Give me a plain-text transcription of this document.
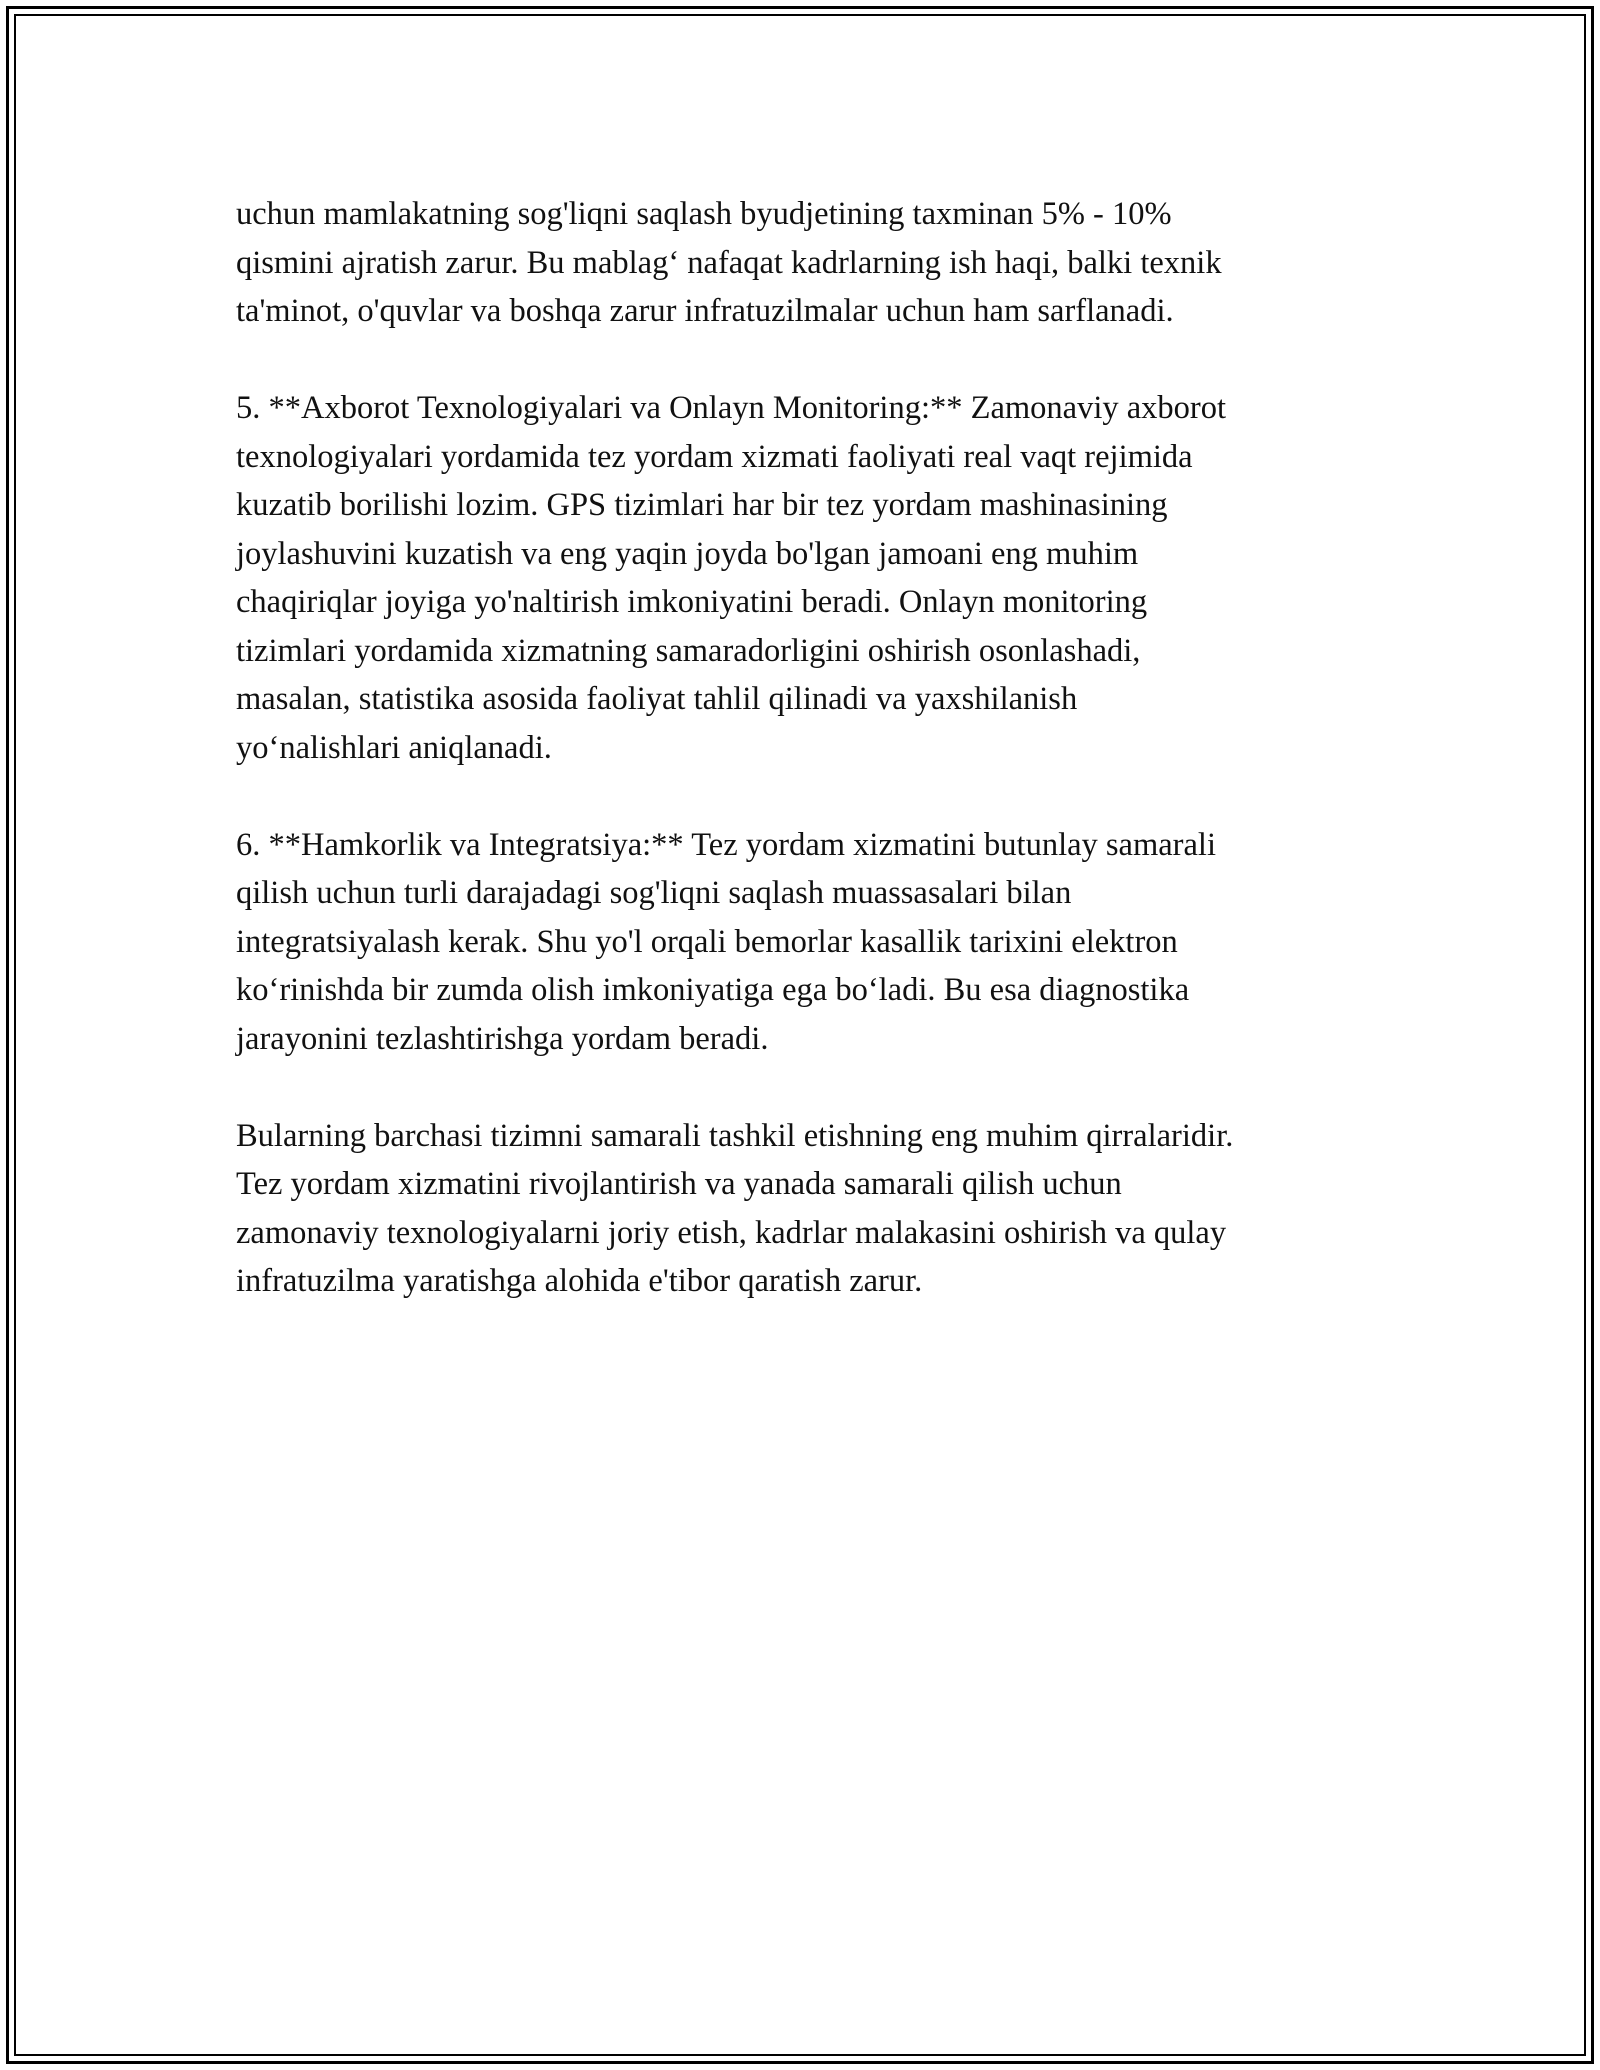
uchun mamlakatning sog'liqni saqlash byudjetining taxminan 5% - 10%
qismini ajratish zarur. Bu mablag‘ nafaqat kadrlarning ish haqi, balki texnik
ta'minot, o'quvlar va boshqa zarur infratuzilmalar uchun ham sarflanadi.

5. **Axborot Texnologiyalari va Onlayn Monitoring:** Zamonaviy axborot
texnologiyalari yordamida tez yordam xizmati faoliyati real vaqt rejimida
kuzatib borilishi lozim. GPS tizimlari har bir tez yordam mashinasining
joylashuvini kuzatish va eng yaqin joyda bo'lgan jamoani eng muhim
chaqiriqlar joyiga yo'naltirish imkoniyatini beradi. Onlayn monitoring
tizimlari yordamida xizmatning samaradorligini oshirish osonlashadi,
masalan, statistika asosida faoliyat tahlil qilinadi va yaxshilanish
yo‘nalishlari aniqlanadi.

6. **Hamkorlik va Integratsiya:** Tez yordam xizmatini butunlay samarali
qilish uchun turli darajadagi sog'liqni saqlash muassasalari bilan
integratsiyalash kerak. Shu yo'l orqali bemorlar kasallik tarixini elektron
ko‘rinishda bir zumda olish imkoniyatiga ega bo‘ladi. Bu esa diagnostika
jarayonini tezlashtirishga yordam beradi.

Bularning barchasi tizimni samarali tashkil etishning eng muhim qirralaridir.
Tez yordam xizmatini rivojlantirish va yanada samarali qilish uchun
zamonaviy texnologiyalarni joriy etish, kadrlar malakasini oshirish va qulay
infratuzilma yaratishga alohida e'tibor qaratish zarur.
